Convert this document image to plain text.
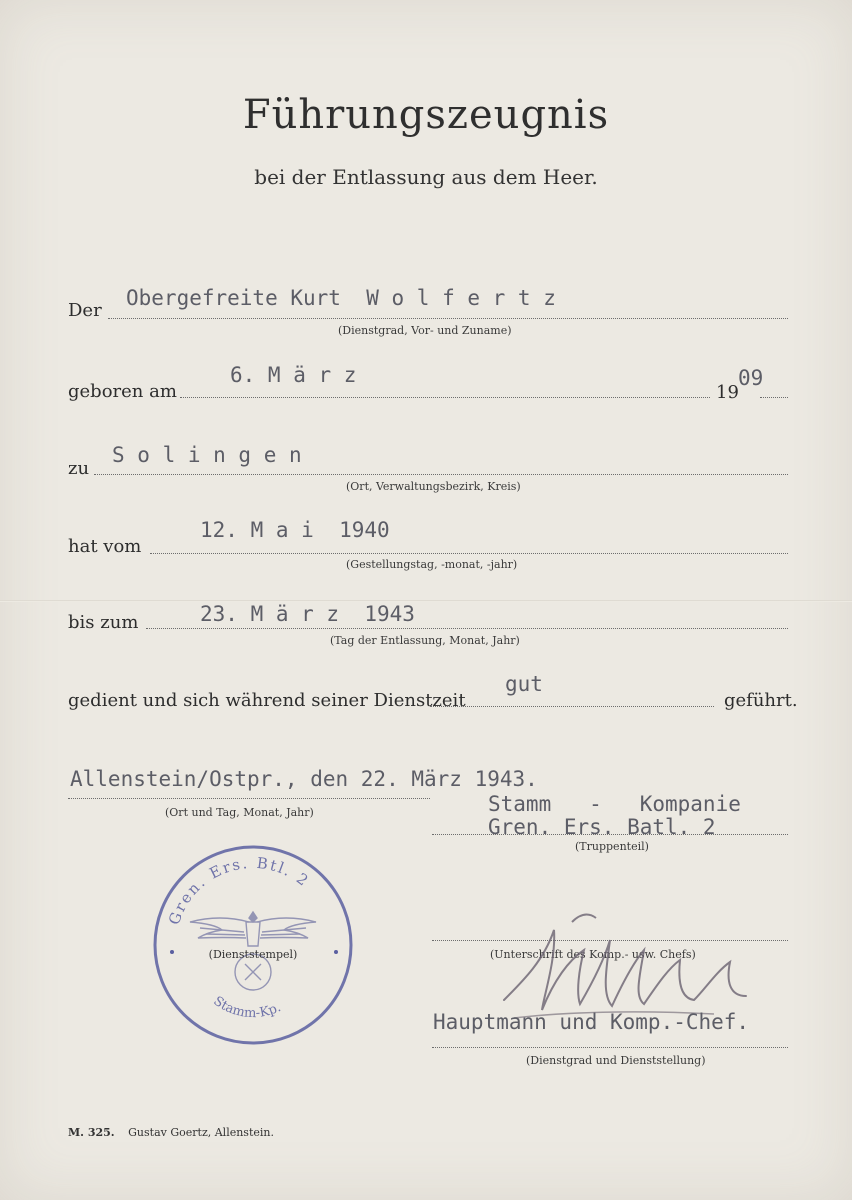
Führungszeugnis
bei der Entlassung aus dem Heer.
Der
Obergefreite Kurt  W o l f e r t z
(Dienstgrad, Vor- und Zuname)
geboren am
6. M ä r z
19
09
zu
S o l i n g e n
(Ort, Verwaltungsbezirk, Kreis)
hat vom
12. M a i  1940
(Gestellungstag, -monat, -jahr)
bis zum	23. M ä r z  1943
(Tag der Entlassung, Monat, Jahr)
gedient und sich während seiner Dienstzeit
gut
geführt.
Allenstein/Ostpr., den 22. März 1943.
(Ort und Tag, Monat, Jahr)	Stamm   -   Kompanie
Gren. Ers. Batl. 2
(Truppenteil)
Gren. Ers. Btl. 2
Stamm-Kp.
(Dienststempel)	(Unterschrift des Komp.- usw. Chefs)
Hauptmann und Komp.-Chef.
(Dienstgrad und Dienststellung)
M. 325. Gustav Goertz, Allenstein.
